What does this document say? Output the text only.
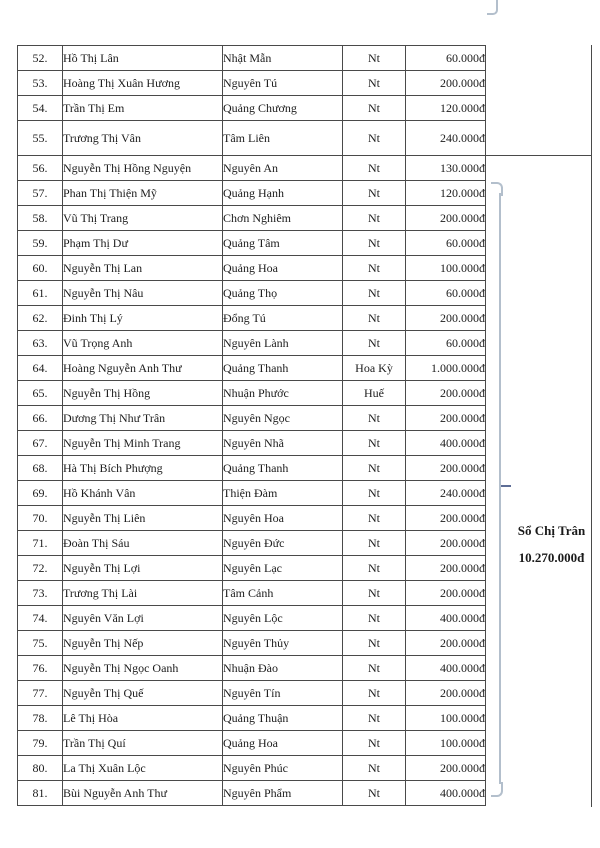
52.	Hồ Thị Lân	Nhật Mẫn	Nt	60.000đ
53.	Hoàng Thị Xuân Hương	Nguyên Tú	Nt	200.000đ
54.	Trần Thị Em	Quảng Chương	Nt	120.000đ
55.	Trương Thị Vân	Tâm Liên	Nt	240.000đ
56.	Nguyễn Thị Hồng Nguyện	Nguyên An	Nt	130.000đ
57.	Phan Thị Thiện Mỹ	Quảng Hạnh	Nt	120.000đ
58.	Vũ Thị Trang	Chơn Nghiêm	Nt	200.000đ
59.	Phạm Thị Dư	Quảng Tâm	Nt	60.000đ
60.	Nguyễn Thị Lan	Quảng Hoa	Nt	100.000đ
61.	Nguyễn Thị Nâu	Quảng Thọ	Nt	60.000đ
62.	Đinh Thị Lý	Đổng Tú	Nt	200.000đ
63.	Vũ Trọng Anh	Nguyên Lành	Nt	60.000đ
64.	Hoàng Nguyễn Anh Thư	Quảng Thanh	Hoa Kỳ	1.000.000đ
65.	Nguyễn Thị Hồng	Nhuận Phước	Huế	200.000đ
66.	Dương Thị Như Trân	Nguyên Ngọc	Nt	200.000đ
67.	Nguyễn Thị Minh Trang	Nguyên Nhã	Nt	400.000đ
68.	Hà Thị Bích Phượng	Quảng Thanh	Nt	200.000đ
69.	Hồ Khánh Vân	Thiện Đàm	Nt	240.000đ
70.	Nguyễn Thị Liên	Nguyên Hoa	Nt	200.000đ
71.	Đoàn Thị Sáu	Nguyên Đức	Nt	200.000đ
72.	Nguyễn Thị Lợi	Nguyên Lạc	Nt	200.000đ
73.	Trương Thị Lài	Tâm Cảnh	Nt	200.000đ
74.	Nguyên Văn Lợi	Nguyên Lộc	Nt	400.000đ
75.	Nguyễn Thị Nếp	Nguyên Thủy	Nt	200.000đ
76.	Nguyễn Thị Ngọc Oanh	Nhuận Đào	Nt	400.000đ
77.	Nguyễn Thị Quế	Nguyên Tín	Nt	200.000đ
78.	Lê Thị Hòa	Quảng Thuận	Nt	100.000đ
79.	Trần Thị Quí	Quảng Hoa	Nt	100.000đ
80.	La Thị Xuân Lộc	Nguyên Phúc	Nt	200.000đ
81.	Bùi Nguyễn Anh Thư	Nguyên Phẩm	Nt	400.000đ
Sổ Chị Trân
10.270.000đ
